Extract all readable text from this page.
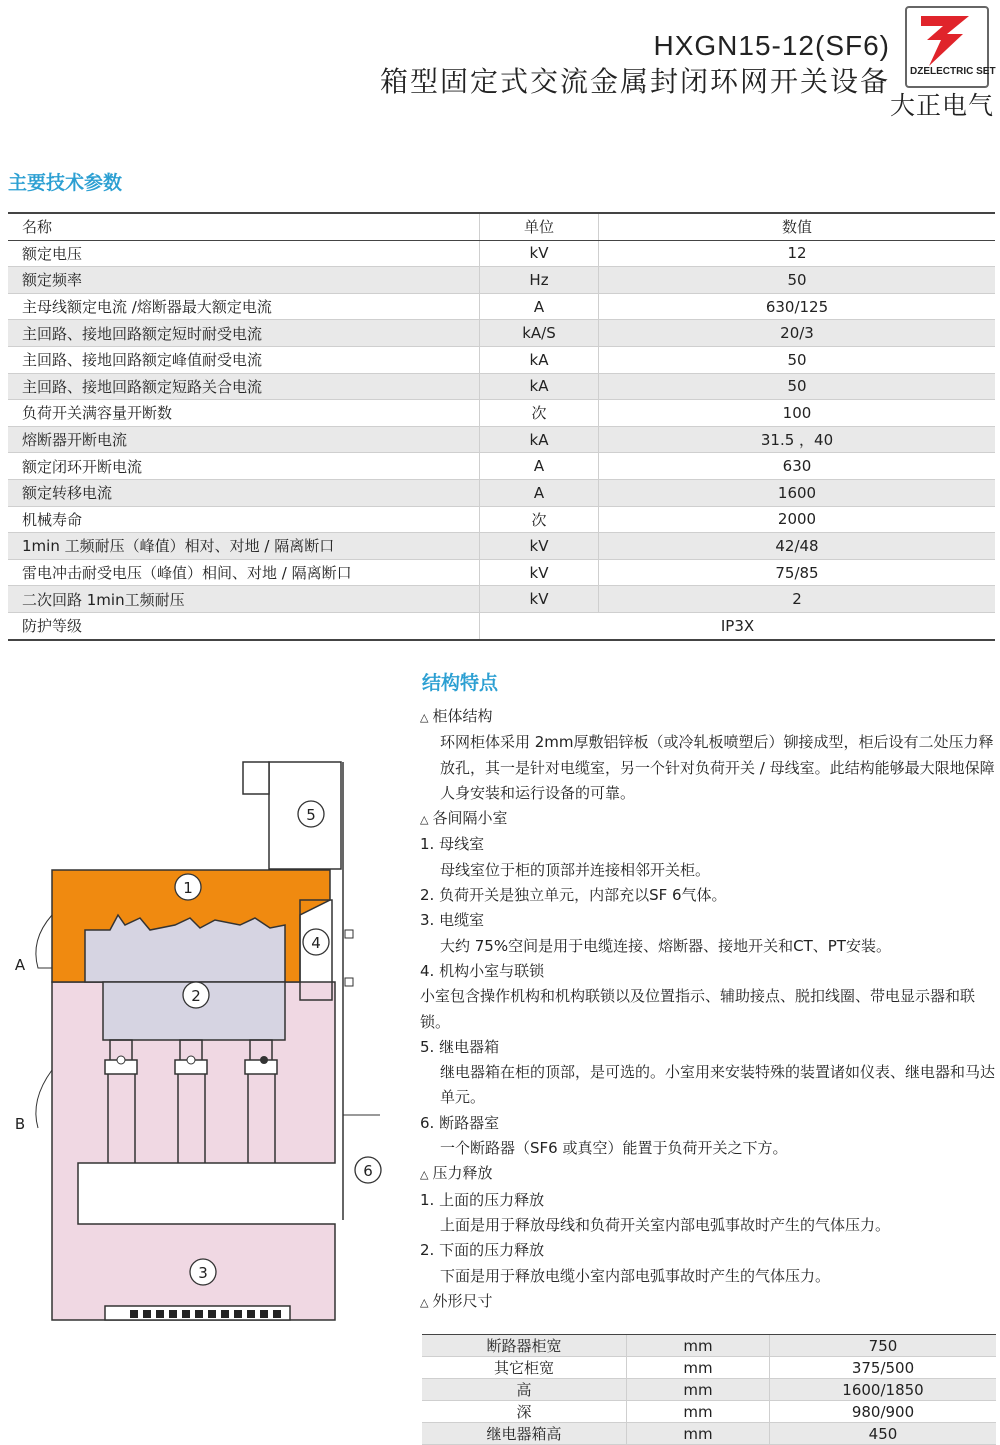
HXGN15-12(SF6)
箱型固定式交流金属封闭环网开关设备 DZELECTRIC SET
大正电气
主要技术参数
名称	单位	数值
额定电压	kV	12
额定频率	Hz	50
主母线额定电流 /熔断器最大额定电流	A	630/125
主回路、接地回路额定短时耐受电流	kA/S	20/3
主回路、接地回路额定峰值耐受电流	kA	50
主回路、接地回路额定短路关合电流	kA	50
负荷开关满容量开断数	次	100
熔断器开断电流	kA	31.5 ，40
额定闭环开断电流	A	630
额定转移电流	A	1600
机械寿命	次	2000
1min 工频耐压（峰值）相对、对地 / 隔离断口	kV	42/48
雷电冲击耐受电压（峰值）相间、对地 / 隔离断口	kV	75/85
二次回路 1min工频耐压	kV	2
防护等级	IP3X	
1
2
3
4
5
6
A
B
结构特点

△ 柜体结构

环网柜体采用 2mm厚敷铝锌板（或冷轧板喷塑后）铆接成型，柜后设有二处压力释放孔，其一是针对电缆室，另一个针对负荷开关 / 母线室。此结构能够最大限地保障人身安装和运行设备的可靠。

△ 各间隔小室

1. 母线室

母线室位于柜的顶部并连接相邻开关柜。

2. 负荷开关是独立单元，内部充以SF 6气体。

3. 电缆室

大约 75%空间是用于电缆连接、熔断器、接地开关和CT、PT安装。

4. 机构小室与联锁

小室包含操作机构和机构联锁以及位置指示、辅助接点、脱扣线圈、带电显示器和联锁。

5. 继电器箱

继电器箱在柜的顶部，是可选的。小室用来安装特殊的装置诸如仪表、继电器和马达单元。

6. 断路器室

一个断路器（SF6 或真空）能置于负荷开关之下方。

△ 压力释放

1. 上面的压力释放

上面是用于释放母线和负荷开关室内部电弧事故时产生的气体压力。

2. 下面的压力释放

下面是用于释放电缆小室内部电弧事故时产生的气体压力。

△ 外形尺寸

断路器柜宽	mm	750
其它柜宽	mm	375/500
高	mm	1600/1850
深	mm	980/900
继电器箱高	mm	450
